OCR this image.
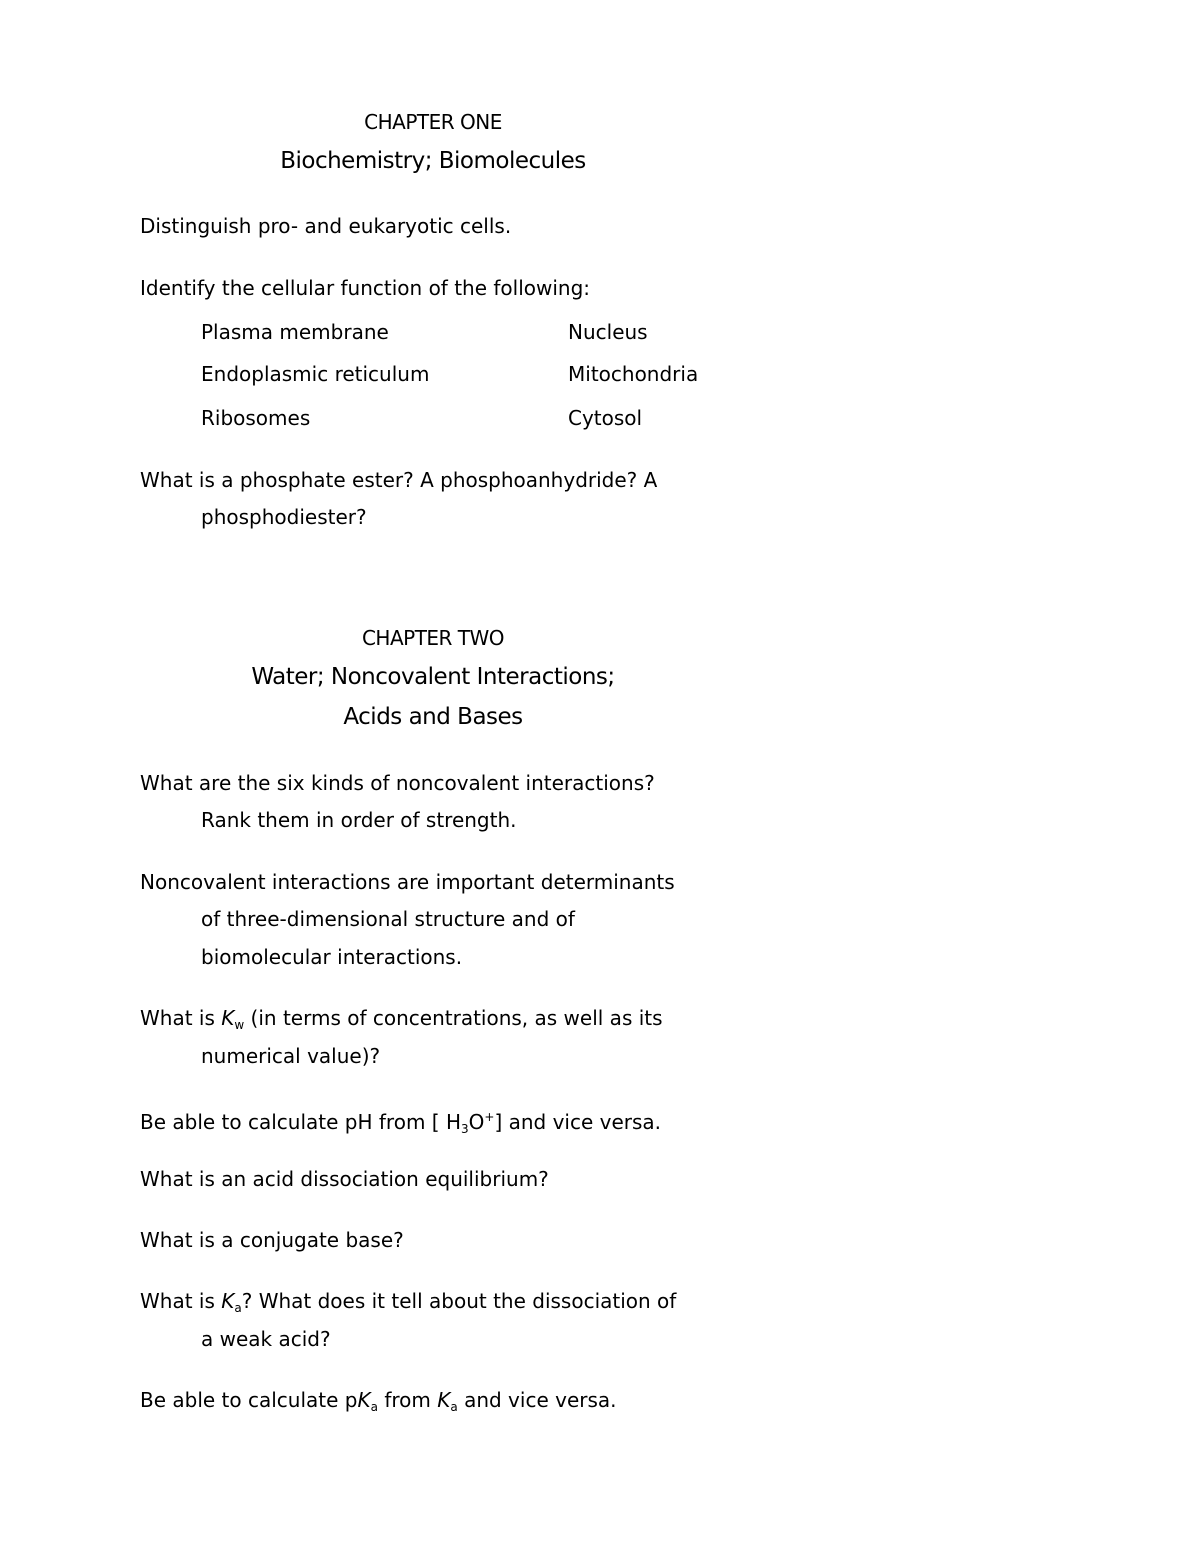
CHAPTER ONE
Biochemistry; Biomolecules
Distinguish pro- and eukaryotic cells.
Identify the cellular function of the following:
Plasma membrane	Nucleus
Endoplasmic reticulum	Mitochondria
Ribosomes	Cytosol
What is a phosphate ester? A phosphoanhydride? A
phosphodiester?
CHAPTER TWO
Water; Noncovalent Interactions;
Acids and Bases
What are the six kinds of noncovalent interactions?
Rank them in order of strength.
Noncovalent interactions are important determinants
of three-dimensional structure and of
biomolecular interactions.
What is $K_w$ (in terms of concentrations, as well as its
numerical value)?
Be able to calculate pH from [ $H_3O^+$] and vice versa.
What is an acid dissociation equilibrium?
What is a conjugate base?
What is $K_a$? What does it tell about the dissociation of
a weak acid?
Be able to calculate $pK_a$ from $K_a$ and vice versa.
